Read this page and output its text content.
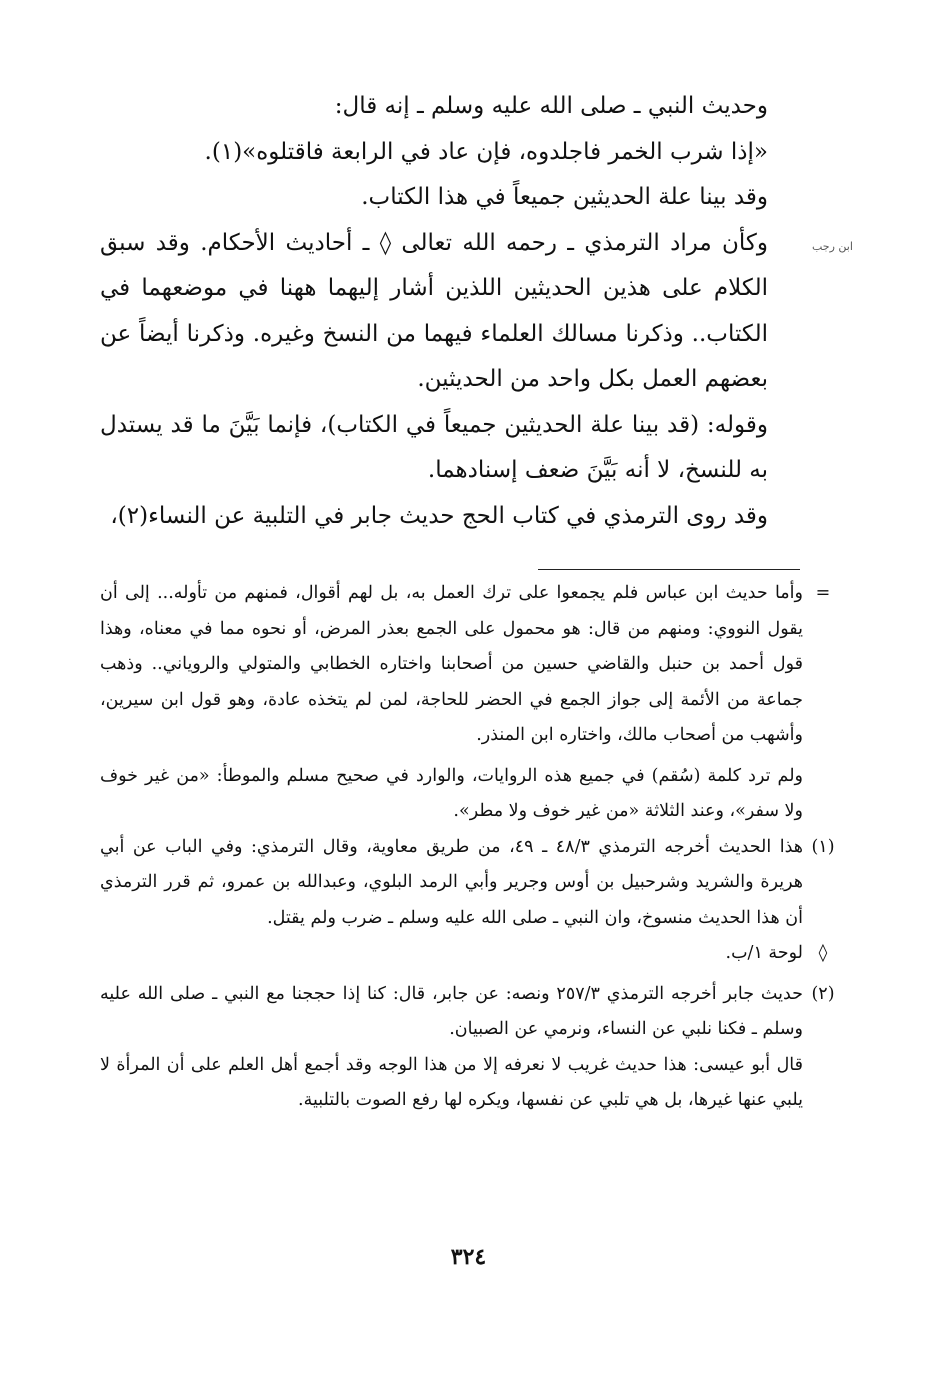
وحديث النبي ـ صلى الله عليه وسلم ـ إنه قال:

«إذا شرب الخمر فاجلدوه، فإن عاد في الرابعة فاقتلوه»(١).

وقد بينا علة الحديثين جميعاً في هذا الكتاب.

وكأن مراد الترمذي ـ رحمه الله تعالى ◊ ـ أحاديث الأحكام. وقد سبق الكلام على هذين الحديثين اللذين أشار إليهما ههنا في موضعهما في الكتاب.. وذكرنا مسالك العلماء فيهما من النسخ وغيره. وذكرنا أيضاً عن بعضهم العمل بكل واحد من الحديثين.

وقوله: (قد بينا علة الحديثين جميعاً في الكتاب)، فإنما بَيَّنَ ما قد يستدل به للنسخ، لا أنه بَيَّنَ ضعف إسنادهما.

وقد روى الترمذي في كتاب الحج حديث جابر في التلبية عن النساء(٢)،

ابن رجب

=
وأما حديث ابن عباس فلم يجمعوا على ترك العمل به، بل لهم أقوال، فمنهم من تأوله... إلى أن يقول النووي: ومنهم من قال: هو محمول على الجمع بعذر المرض، أو نحوه مما في معناه، وهذا قول أحمد بن حنبل والقاضي حسين من أصحابنا واختاره الخطابي والمتولي والروياني.. وذهب جماعة من الأئمة إلى جواز الجمع في الحضر للحاجة، لمن لم يتخذه عادة، وهو قول ابن سيرين، وأشهب من أصحاب مالك، واختاره ابن المنذر.

ولم ترد كلمة (سُقم) في جميع هذه الروايات، والوارد في صحيح مسلم والموطأ: «من غير خوف ولا سفر»، وعند الثلاثة «من غير خوف ولا مطر».

(١)
هذا الحديث أخرجه الترمذي ٤٨/٣ ـ ٤٩، من طريق معاوية، وقال الترمذي: وفي الباب عن أبي هريرة والشريد وشرحبيل بن أوس وجرير وأبي الرمد البلوي، وعبدالله بن عمرو، ثم قرر الترمذي أن هذا الحديث منسوخ، وان النبي ـ صلى الله عليه وسلم ـ ضرب ولم يقتل.

◊
لوحة ١/ب.

(٢)
حديث جابر أخرجه الترمذي ٢٥٧/٣ ونصه: عن جابر، قال: كنا إذا حججنا مع النبي ـ صلى الله عليه وسلم ـ فكنا نلبي عن النساء، ونرمي عن الصبيان.

قال أبو عيسى: هذا حديث غريب لا نعرفه إلا من هذا الوجه وقد أجمع أهل العلم على أن المرأة لا يلبي عنها غيرها، بل هي تلبي عن نفسها، ويكره لها رفع الصوت بالتلبية.

٣٢٤
